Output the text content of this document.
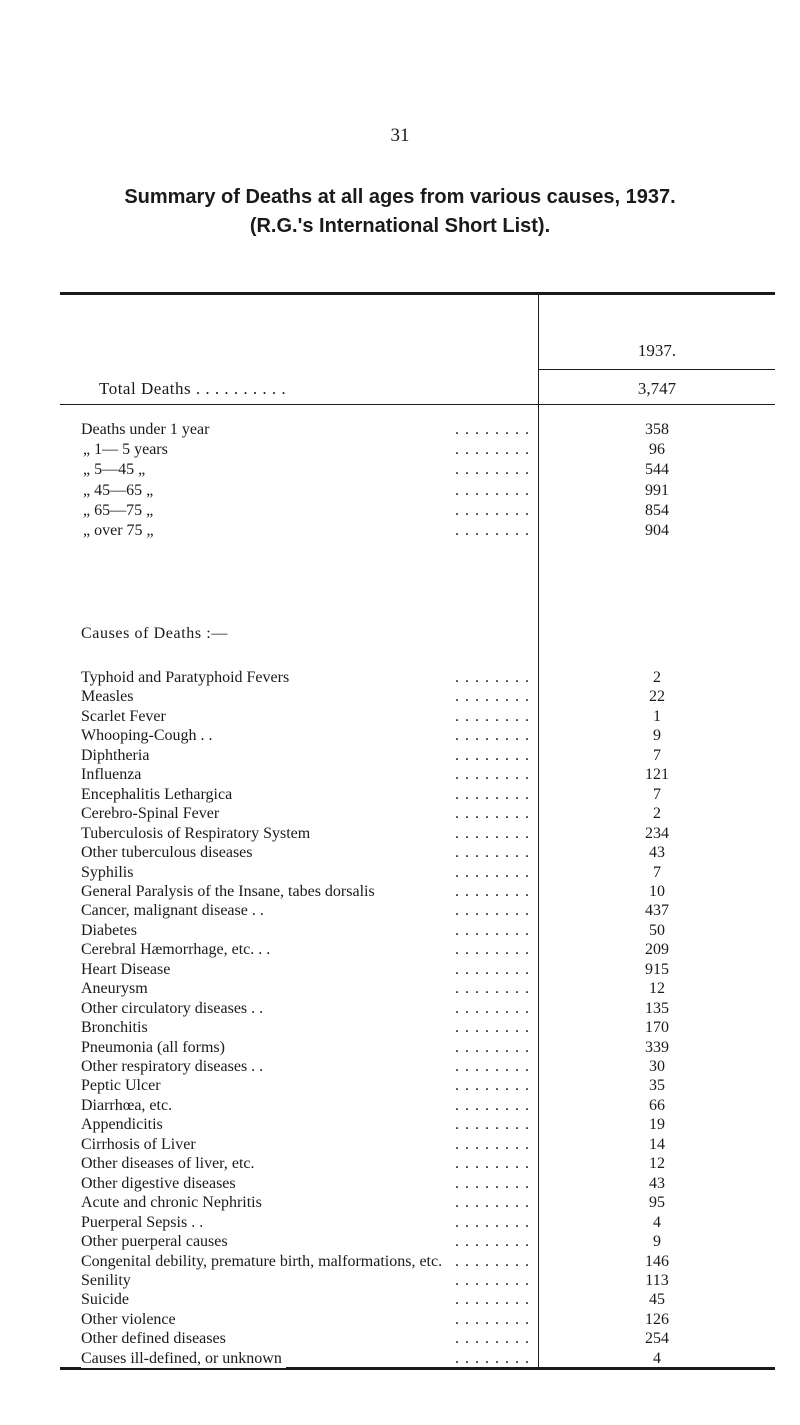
31
Summary of Deaths at all ages from various causes, 1937.
(R.G.'s International Short List).
1937.
Total Deaths . . . . . . . . . .	3,747
. . . . . . . .
Deaths under 1 year	358
. . . . . . . .
„ 1— 5 years	96
. . . . . . . .
„ 5—45 „	544
. . . . . . . .
„ 45—65 „	991
. . . . . . . .
„ 65—75 „	854
. . . . . . . .
„ over 75 „	904
Causes of Deaths :—
. . . . . . . .
Typhoid and Paratyphoid Fevers	2
. . . . . . . .
Measles	22
. . . . . . . .
Scarlet Fever	1
. . . . . . . .
Whooping-Cough . .	9
. . . . . . . .
Diphtheria	7
. . . . . . . .
Influenza	121
. . . . . . . .
Encephalitis Lethargica	7
. . . . . . . .
Cerebro-Spinal Fever	2
. . . . . . . .
Tuberculosis of Respiratory System	234
. . . . . . . .
Other tuberculous diseases	43
. . . . . . . .
Syphilis	7
. . . . . . . .
General Paralysis of the Insane, tabes dorsalis	10
. . . . . . . .
Cancer, malignant disease . .	437
. . . . . . . .
Diabetes	50
. . . . . . . .
Cerebral Hæmorrhage, etc. . .	209
. . . . . . . .
Heart Disease	915
. . . . . . . .
Aneurysm	12
. . . . . . . .
Other circulatory diseases . .	135
. . . . . . . .
Bronchitis	170
. . . . . . . .
Pneumonia (all forms)	339
. . . . . . . .
Other respiratory diseases . .	30
. . . . . . . .
Peptic Ulcer	35
. . . . . . . .
Diarrhœa, etc.	66
. . . . . . . .
Appendicitis	19
. . . . . . . .
Cirrhosis of Liver	14
. . . . . . . .
Other diseases of liver, etc.	12
. . . . . . . .
Other digestive diseases	43
. . . . . . . .
Acute and chronic Nephritis	95
. . . . . . . .
Puerperal Sepsis . .	4
. . . . . . . .
Other puerperal causes	9
. . . . . . . .
Congenital debility, premature birth, malformations, etc.	146
. . . . . . . .
Senility	113
. . . . . . . .
Suicide	45
. . . . . . . .
Other violence	126
. . . . . . . .
Other defined diseases	254
. . . . . . . .
Causes ill-defined, or unknown	4
